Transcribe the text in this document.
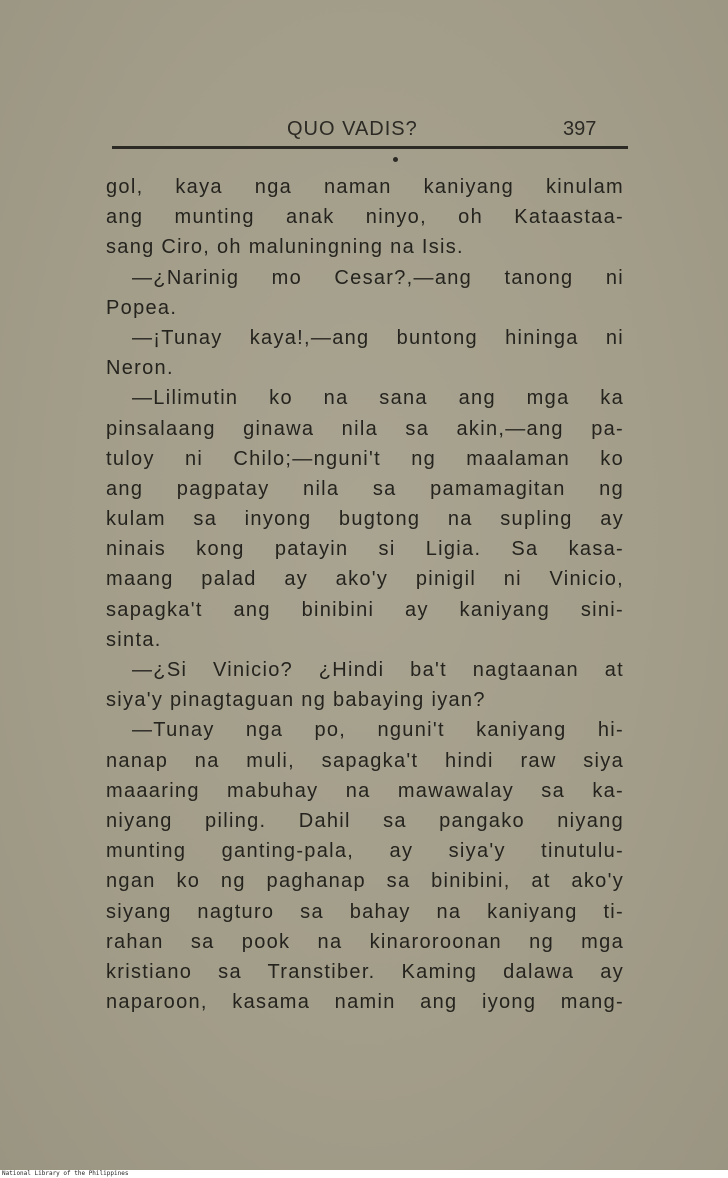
QUO VADIS?	397
gol, kaya nga naman kaniyang kinulam
ang munting anak ninyo, oh Kataastaa-
sang Ciro, oh maluningning na Isis.
—¿Narinig mo Cesar?,—ang tanong ni
Popea.
—¡Tunay kaya!,—ang buntong hininga ni
Neron.
—Lilimutin ko na sana ang mga ka
pinsalaang ginawa nila sa akin,—ang pa-
tuloy ni Chilo;—nguni't ng maalaman ko
ang pagpatay nila sa pamamagitan ng
kulam sa inyong bugtong na supling ay
ninais kong patayin si Ligia. Sa kasa-
maang palad ay ako'y pinigil ni Vinicio,
sapagka't ang binibini ay kaniyang sini-
sinta.
—¿Si Vinicio? ¿Hindi ba't nagtaanan at
siya'y pinagtaguan ng babaying iyan?
—Tunay nga po, nguni't kaniyang hi-
nanap na muli, sapagka't hindi raw siya
maaaring mabuhay na mawawalay sa ka-
niyang piling. Dahil sa pangako niyang
munting ganting-pala, ay siya'y tinutulu-
ngan ko ng paghanap sa binibini, at ako'y
siyang nagturo sa bahay na kaniyang ti-
rahan sa pook na kinaroroonan ng mga
kristiano sa Transtiber. Kaming dalawa ay
naparoon, kasama namin ang iyong mang-
National Library of the Philippines
